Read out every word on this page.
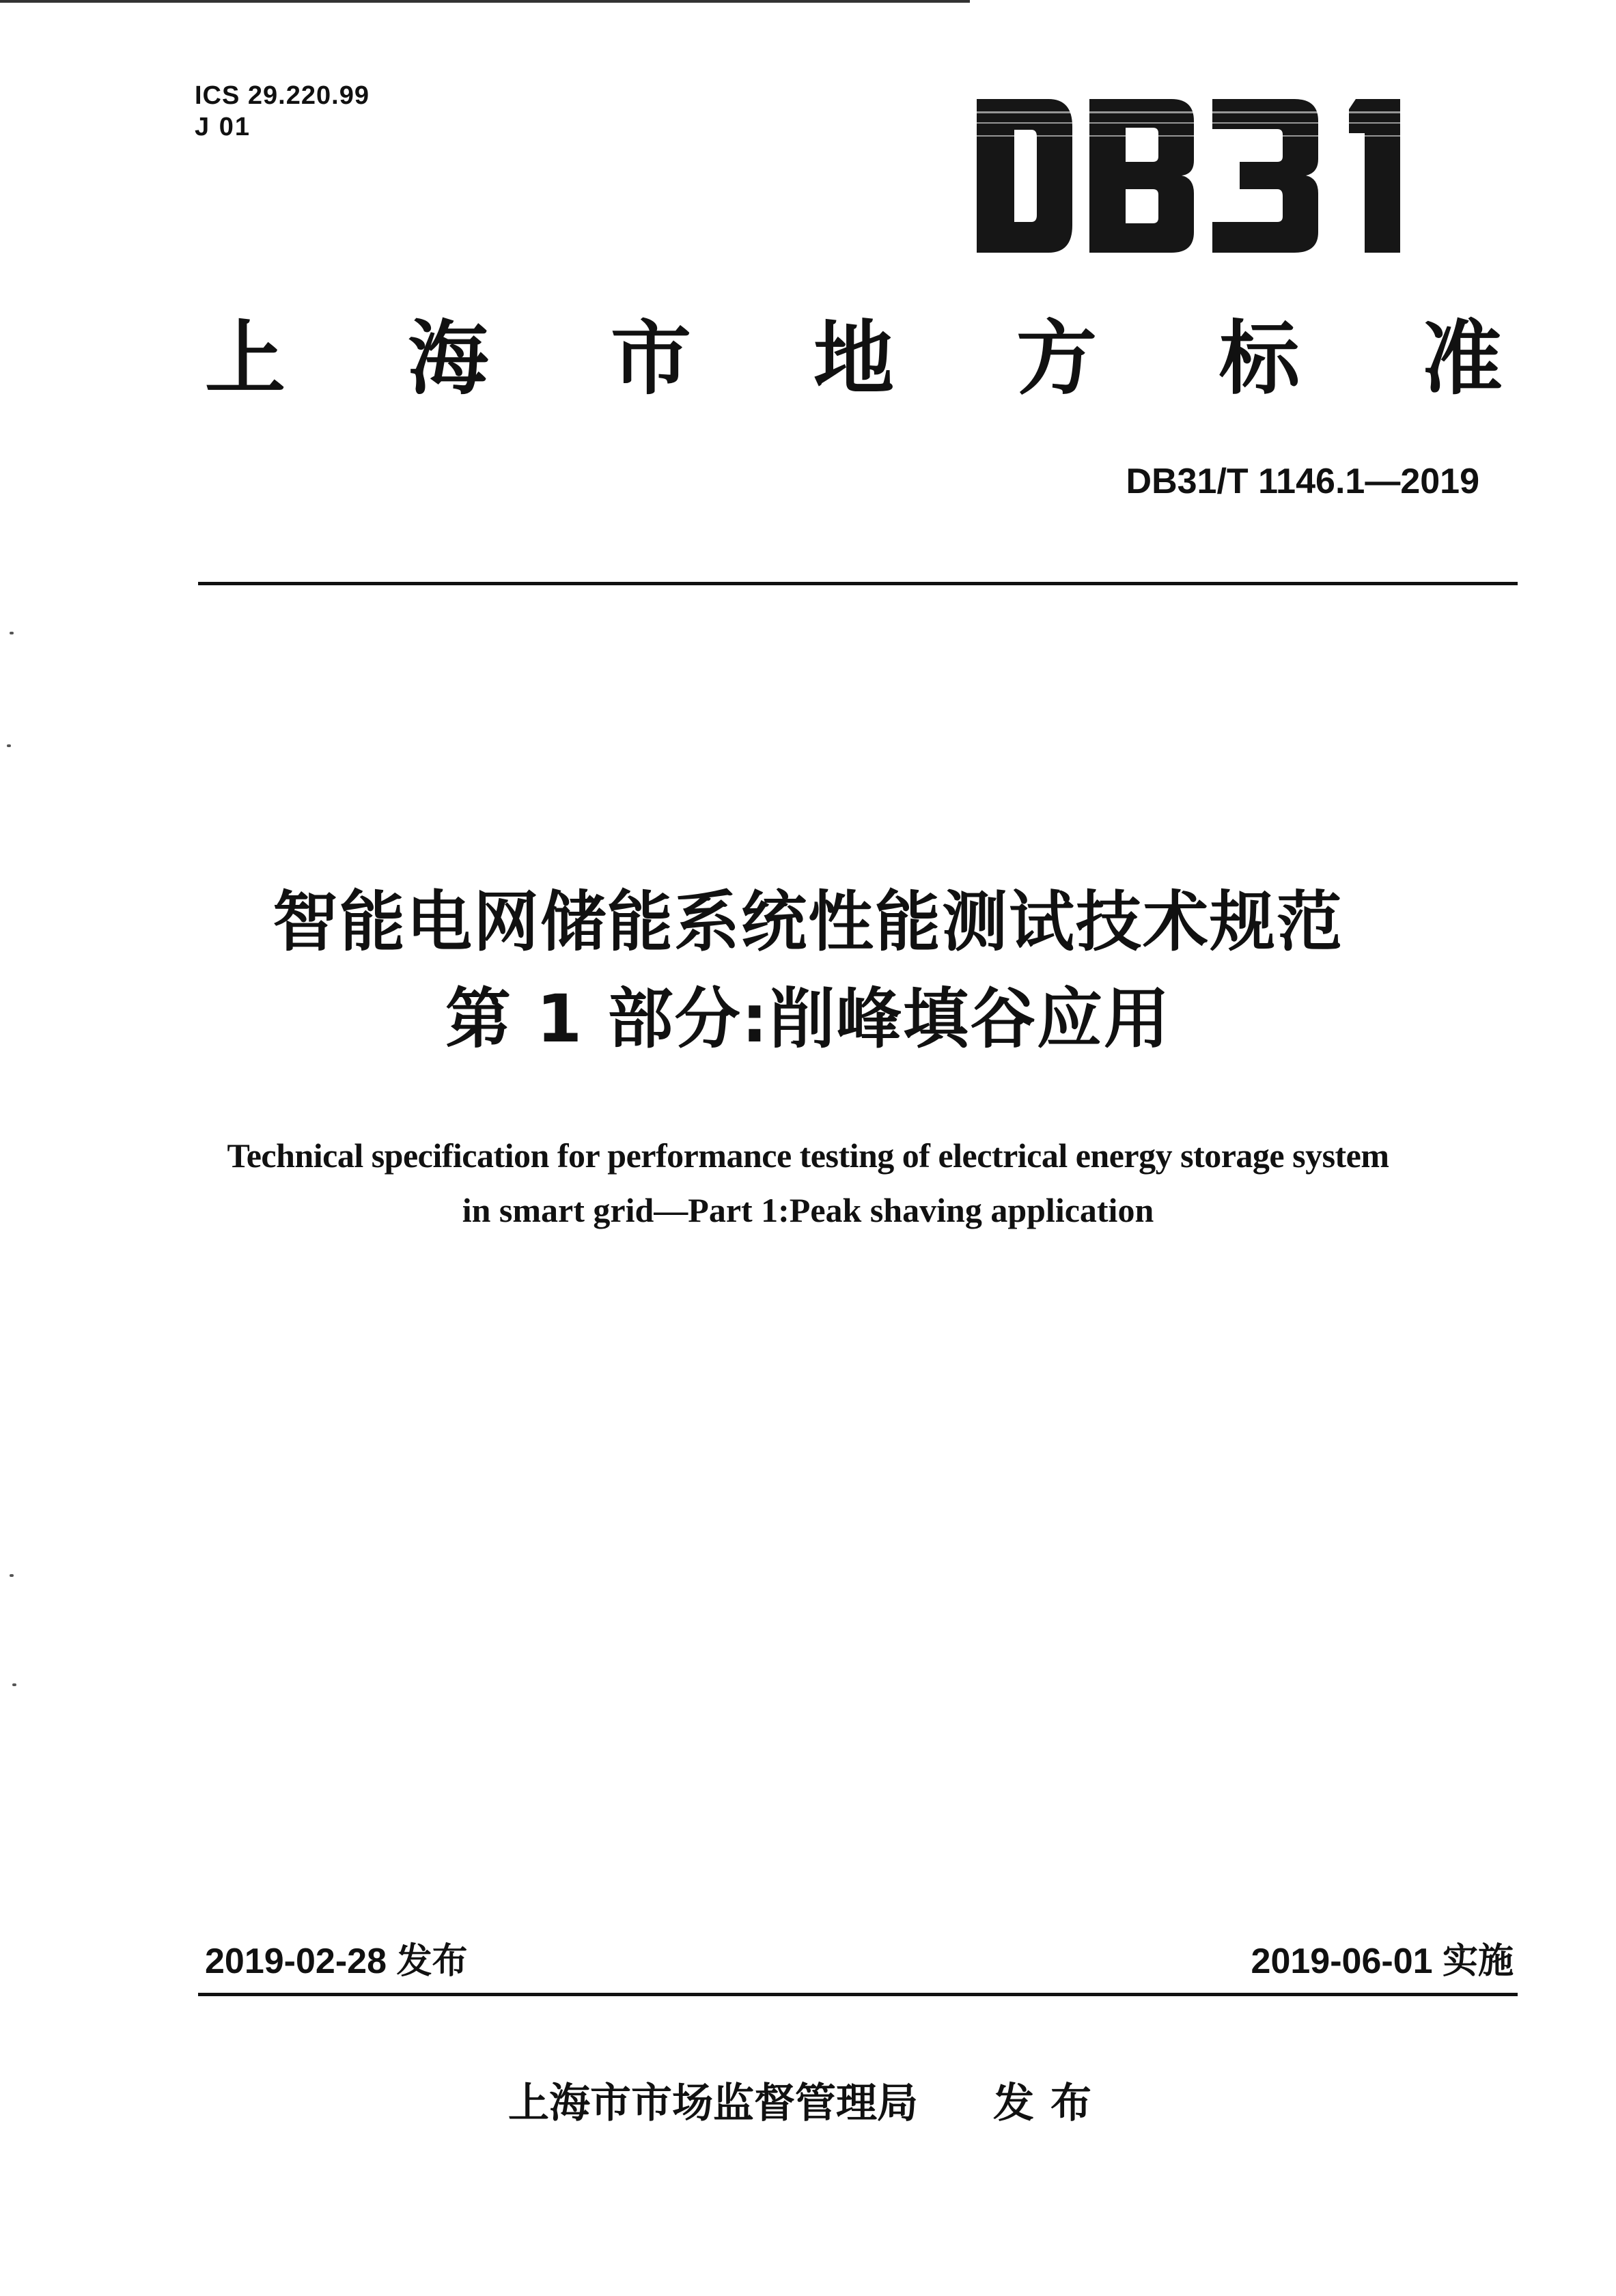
ICS 29.220.99
J 01
上 海 市 地 方 标 准
DB31/T 1146.1—2019
智能电网储能系统性能测试技术规范
第 1 部分:削峰填谷应用
Technical specification for performance testing of electrical energy storage system
in smart grid—Part 1:Peak shaving application
2019-02-28 发布	2019-06-01 实施
上海市市场监督管理局 发布
